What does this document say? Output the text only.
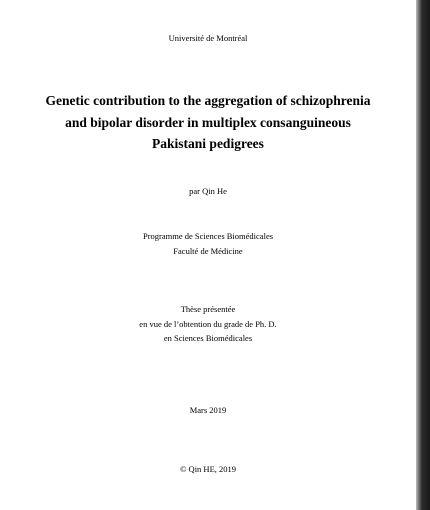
Université de Montréal
Genetic contribution to the aggregation of schizophrenia
and bipolar disorder in multiplex consanguineous
Pakistani pedigrees
par Qin He
Programme de Sciences Biomédicales
Faculté de Médicine
Thèse présentée
en vue de l’obtention du grade de Ph. D.
en Sciences Biomédicales
Mars 2019
© Qin HE, 2019
